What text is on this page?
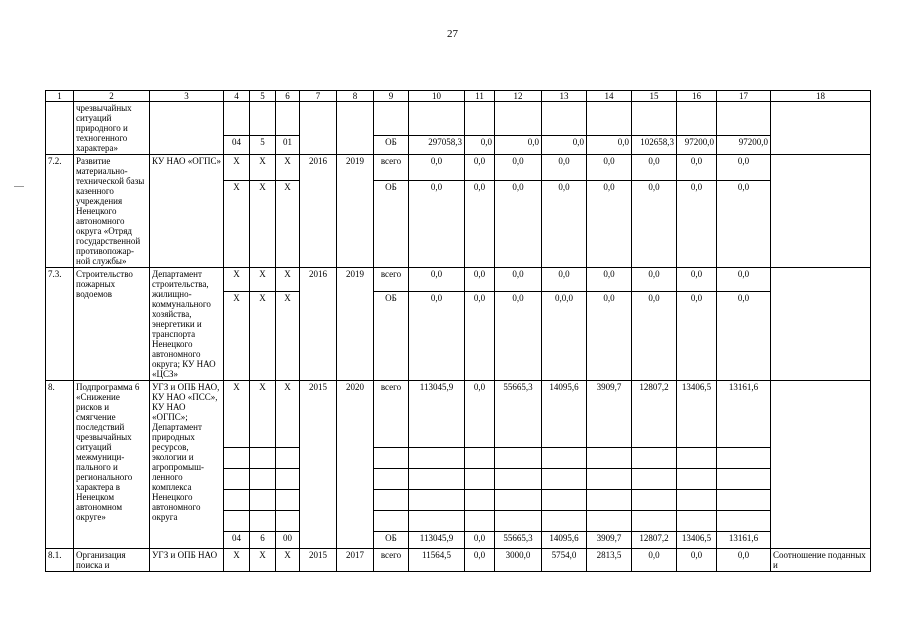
27
1	2	3	4	5	6	7	8	9	10	11	12	13	14	15	16	17	18
	чрезвычайных ситуаций природного и техногенного характера»																
			04	5	01			ОБ	297058,3	0,0	0,0	0,0	0,0	102658,3	97200,0	97200,0	
7.2.	Развитие материально-технической базы казенного учреждения Ненецкого автономного округа «Отряд государственной противопожар-ной службы»	КУ НАО «ОГПС»	Х	Х	Х	2016	2019	всего	0,0	0,0	0,0	0,0	0,0	0,0	0,0	0,0	
			Х	Х	Х			ОБ	0,0	0,0	0,0	0,0	0,0	0,0	0,0	0,0	
7.3.	Строительство пожарных водоемов	Департамент строительства, жилищно-коммунального хозяйства, энергетики и транспорта Ненецкого автономного округа; КУ НАО «ЦСЗ»	Х	Х	Х	2016	2019	всего	0,0	0,0	0,0	0,0	0,0	0,0	0,0	0,0	
			Х	Х	Х			ОБ	0,0	0,0	0,0	0,0,0	0,0	0,0	0,0	0,0	
8.	Подпрограмма 6 «Снижение рисков и смягчение последствий чрезвычайных ситуаций межмуници-пального и регионального характера в Ненецком автономном округе»	УГЗ и ОПБ НАО, КУ НАО «ПСС», КУ НАО «ОГПС»; Департамент природных ресурсов, экологии и агропромыш-ленного комплекса Ненецкого автономного округа	Х	Х	Х	2015	2020	всего	113045,9	0,0	55665,3	14095,6	3909,7	12807,2	13406,5	13161,6	

			04	6	00			ОБ	113045,9	0,0	55665,3	14095,6	3909,7	12807,2	13406,5	13161,6	
8.1.	Организация поиска и	УГЗ и ОПБ НАО	Х	Х	Х	2015	2017	всего	11564,5	0,0	3000,0	5754,0	2813,5	0,0	0,0	0,0	Соотношение поданных и
